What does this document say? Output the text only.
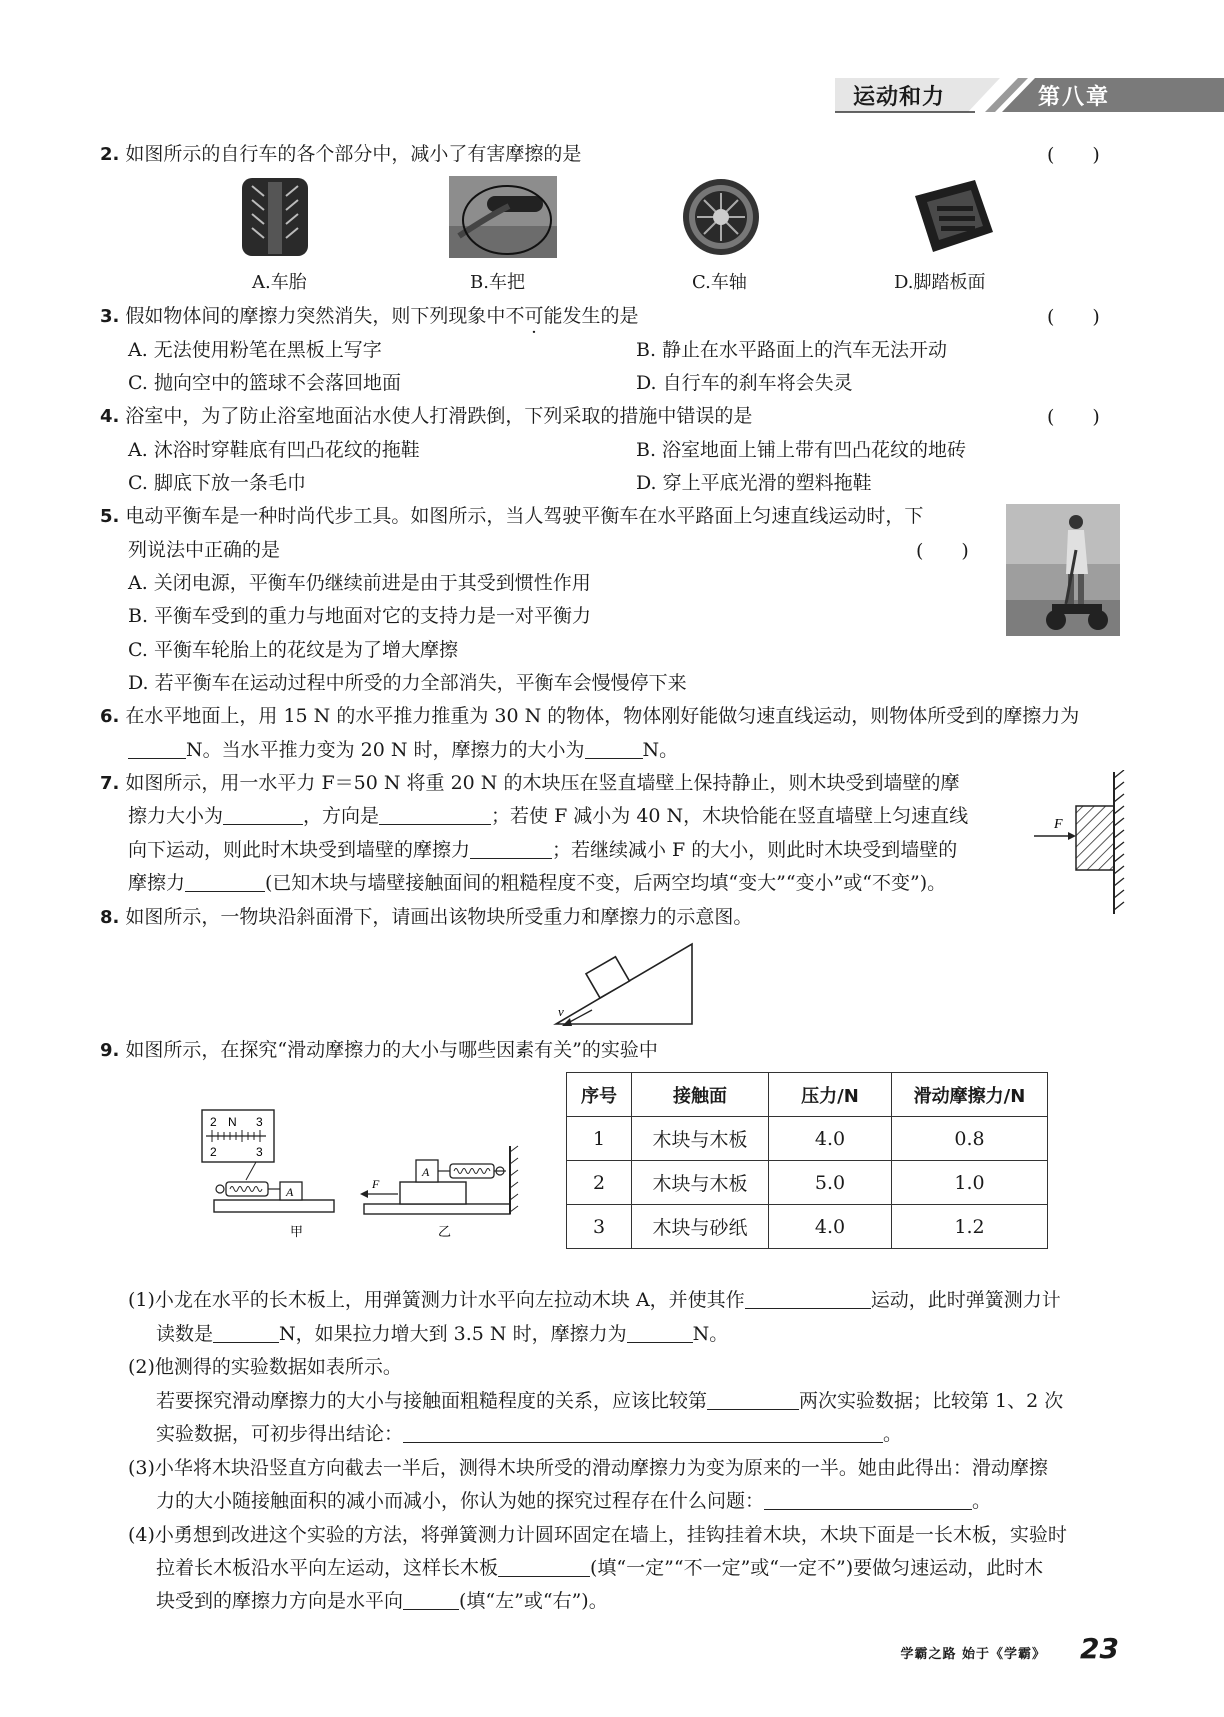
运动和力	第八章
2. 如图所示的自行车的各个部分中，减小了有害摩擦的是	(　　)
A.车胎	B.车把	C.车轴	D.脚踏板面
3. 假如物体间的摩擦力突然消失，则下列现象中不可能发生的是	(　　)
A. 无法使用粉笔在黑板上写字	B. 静止在水平路面上的汽车无法开动
C. 抛向空中的篮球不会落回地面	D. 自行车的刹车将会失灵
4. 浴室中，为了防止浴室地面沾水使人打滑跌倒，下列采取的措施中错误的是	(　　)
A. 沐浴时穿鞋底有凹凸花纹的拖鞋	B. 浴室地面上铺上带有凹凸花纹的地砖
C. 脚底下放一条毛巾	D. 穿上平底光滑的塑料拖鞋
5. 电动平衡车是一种时尚代步工具。如图所示，当人驾驶平衡车在水平路面上匀速直线运动时，下
列说法中正确的是	(　　)
A. 关闭电源，平衡车仍继续前进是由于其受到惯性作用
B. 平衡车受到的重力与地面对它的支持力是一对平衡力
C. 平衡车轮胎上的花纹是为了增大摩擦
D. 若平衡车在运动过程中所受的力全部消失，平衡车会慢慢停下来
6. 在水平地面上，用 15 N 的水平推力推重为 30 N 的物体，物体刚好能做匀速直线运动，则物体所受到的摩擦力为
N。当水平推力变为 20 N 时，摩擦力的大小为	N。
7. 如图所示，用一水平力 F＝50 N 将重 20 N 的木块压在竖直墙壁上保持静止，则木块受到墙壁的摩
擦力大小为	，方向是	；若使 F 减小为 40 N，木块恰能在竖直墙壁上匀速直线
向下运动，则此时木块受到墙壁的摩擦力	；若继续减小 F 的大小，则此时木块受到墙壁的
摩擦力	(已知木块与墙壁接触面间的粗糙程度不变，后两空均填“变大”“变小”或“不变”)。
F
8. 如图所示，一物块沿斜面滑下，请画出该物块所受重力和摩擦力的示意图。
v
9. 如图所示，在探究“滑动摩擦力的大小与哪些因素有关”的实验中
2 N 3
2	3
A
甲
A
F
乙
序号	接触面	压力/N	滑动摩擦力/N
1	木块与木板	4.0	0.8
2	木块与木板	5.0	1.0
3	木块与砂纸	4.0	1.2
(1)小龙在水平的长木板上，用弹簧测力计水平向左拉动木块 A，并使其作	运动，此时弹簧测力计
读数是	N，如果拉力增大到 3.5 N 时，摩擦力为	N。
(2)他测得的实验数据如表所示。
若要探究滑动摩擦力的大小与接触面粗糙程度的关系，应该比较第	两次实验数据；比较第 1、2 次
实验数据，可初步得出结论：	。
(3)小华将木块沿竖直方向截去一半后，测得木块所受的滑动摩擦力为变为原来的一半。她由此得出：滑动摩擦
力的大小随接触面积的减小而减小，你认为她的探究过程存在什么问题：	。
(4)小勇想到改进这个实验的方法，将弹簧测力计圆环固定在墙上，挂钩挂着木块，木块下面是一长木板，实验时
拉着长木板沿水平向左运动，这样长木板	(填“一定”“不一定”或“一定不”)要做匀速运动，此时木
块受到的摩擦力方向是水平向	(填“左”或“右”)。
学霸之路 始于《学霸》 23
